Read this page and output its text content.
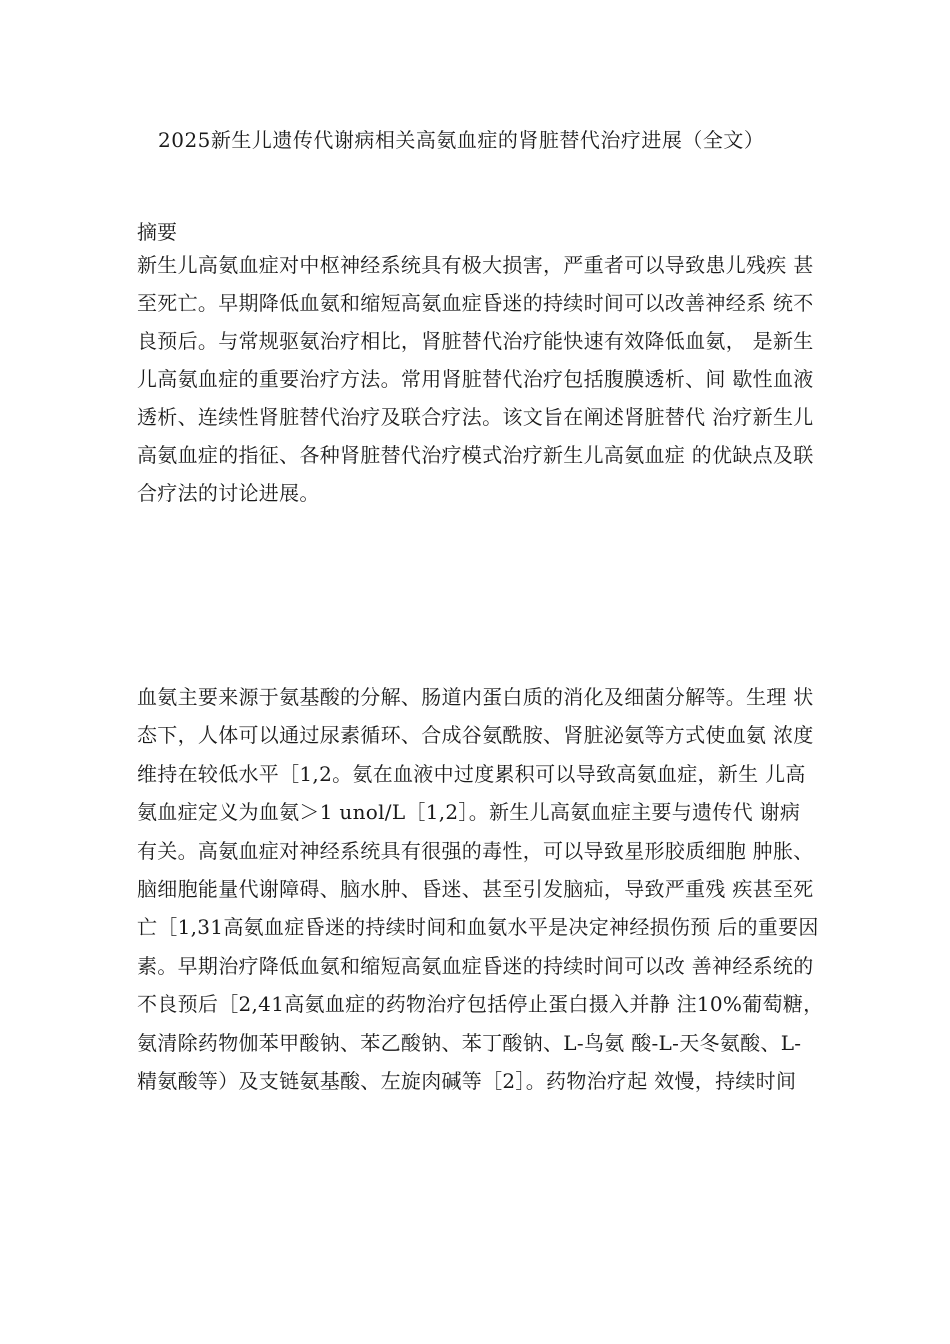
2025新生儿遗传代谢病相关高氨血症的肾脏替代治疗进展（全文）
摘要

新生儿高氨血症对中枢神经系统具有极大损害，严重者可以导致患儿残疾 甚
至死亡。早期降低血氨和缩短高氨血症昏迷的持续时间可以改善神经系 统不
良预后。与常规驱氨治疗相比，肾脏替代治疗能快速有效降低血氨， 是新生
儿高氨血症的重要治疗方法。常用肾脏替代治疗包括腹膜透析、间 歇性血液
透析、连续性肾脏替代治疗及联合疗法。该文旨在阐述肾脏替代 治疗新生儿
高氨血症的指征、各种肾脏替代治疗模式治疗新生儿高氨血症 的优缺点及联
合疗法的讨论进展。

血氨主要来源于氨基酸的分解、肠道内蛋白质的消化及细菌分解等。生理 状
态下，人体可以通过尿素循环、合成谷氨酰胺、肾脏泌氨等方式使血氨 浓度
维持在较低水平［1,2。氨在血液中过度累积可以导致高氨血症，新生 儿高
氨血症定义为血氨＞1 unol/L［1,2］。新生儿高氨血症主要与遗传代 谢病
有关。高氨血症对神经系统具有很强的毒性，可以导致星形胶质细胞 肿胀、
脑细胞能量代谢障碍、脑水肿、昏迷、甚至引发脑疝，导致严重残 疾甚至死
亡［1,31高氨血症昏迷的持续时间和血氨水平是决定神经损伤预 后的重要因
素。早期治疗降低血氨和缩短高氨血症昏迷的持续时间可以改 善神经系统的
不良预后［2,41高氨血症的药物治疗包括停止蛋白摄入并静 注10%葡萄糖，
氨清除药物伽苯甲酸钠、苯乙酸钠、苯丁酸钠、L-鸟氨 酸-L-天冬氨酸、L-
精氨酸等）及支链氨基酸、左旋肉碱等［2］。药物治疗起 效慢，持续时间
